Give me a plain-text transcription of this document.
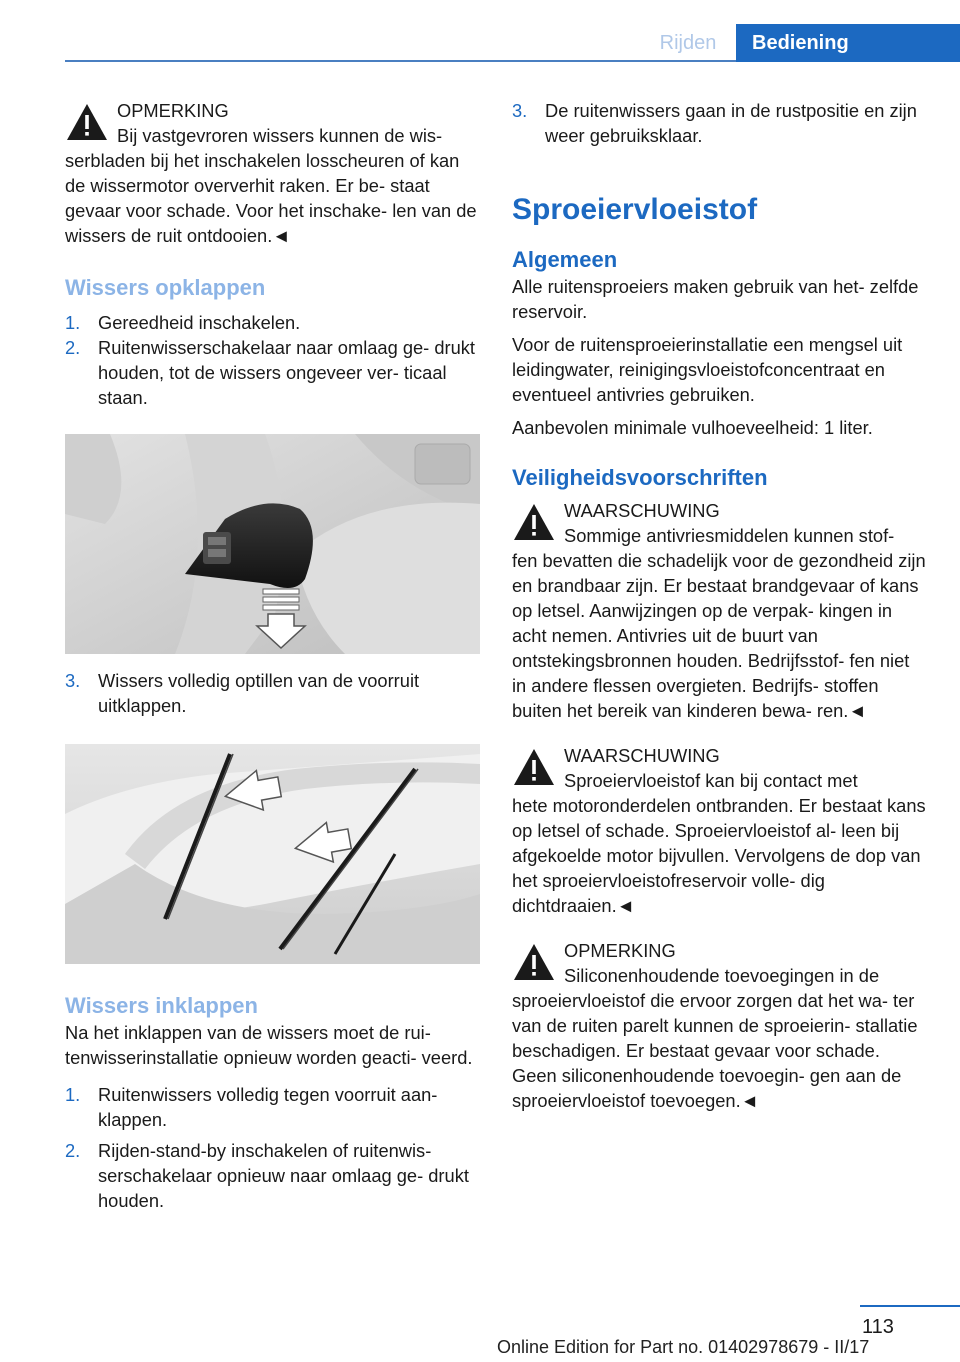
Rijden	Bediening
OPMERKING
Bij vastgevroren wissers kunnen de wis-

serbladen bij het inschakelen losscheuren of kan de wissermotor oververhit raken. Er be- staat gevaar voor schade. Voor het inschake- len van de wissers de ruit ontdooien.◄

Wissers opklappen
1. Gereedheid inschakelen.
2. Ruitenwisserschakelaar naar omlaag ge- drukt houden, tot de wissers ongeveer ver- ticaal staan.
3. Wissers volledig optillen van de voorruit uitklappen.
Wissers inklappen

Na het inklappen van de wissers moet de rui- tenwisserinstallatie opnieuw worden geacti- veerd.

1. Ruitenwissers volledig tegen voorruit aan- klappen.
2. Rijden-stand-by inschakelen of ruitenwis- serschakelaar opnieuw naar omlaag ge- drukt houden.
3. De ruitenwissers gaan in de rustpositie en zijn weer gebruiksklaar.
Sproeiervloeistof
Algemeen

Alle ruitensproeiers maken gebruik van het- zelfde reservoir.

Voor de ruitensproeierinstallatie een mengsel uit leidingwater, reinigingsvloeistofconcentraat en eventueel antivries gebruiken.

Aanbevolen minimale vulhoeveelheid: 1 liter.

Veiligheidsvoorschriften
WAARSCHUWING
Sommige antivriesmiddelen kunnen stof-

fen bevatten die schadelijk voor de gezondheid zijn en brandbaar zijn. Er bestaat brandgevaar of kans op letsel. Aanwijzingen op de verpak- kingen in acht nemen. Antivries uit de buurt van ontstekingsbronnen houden. Bedrijfsstof- fen niet in andere flessen overgieten. Bedrijfs- stoffen buiten het bereik van kinderen bewa- ren.◄

WAARSCHUWING
Sproeiervloeistof kan bij contact met

hete motoronderdelen ontbranden. Er bestaat kans op letsel of schade. Sproeiervloeistof al- leen bij afgekoelde motor bijvullen. Vervolgens de dop van het sproeiervloeistofreservoir volle- dig dichtdraaien.◄

OPMERKING
Siliconenhoudende toevoegingen in de

sproeiervloeistof die ervoor zorgen dat het wa- ter van de ruiten parelt kunnen de sproeierin- stallatie beschadigen. Er bestaat gevaar voor schade. Geen siliconenhoudende toevoegin- gen aan de sproeiervloeistof toevoegen.◄

113
Online Edition for Part no. 01402978679 - II/17
